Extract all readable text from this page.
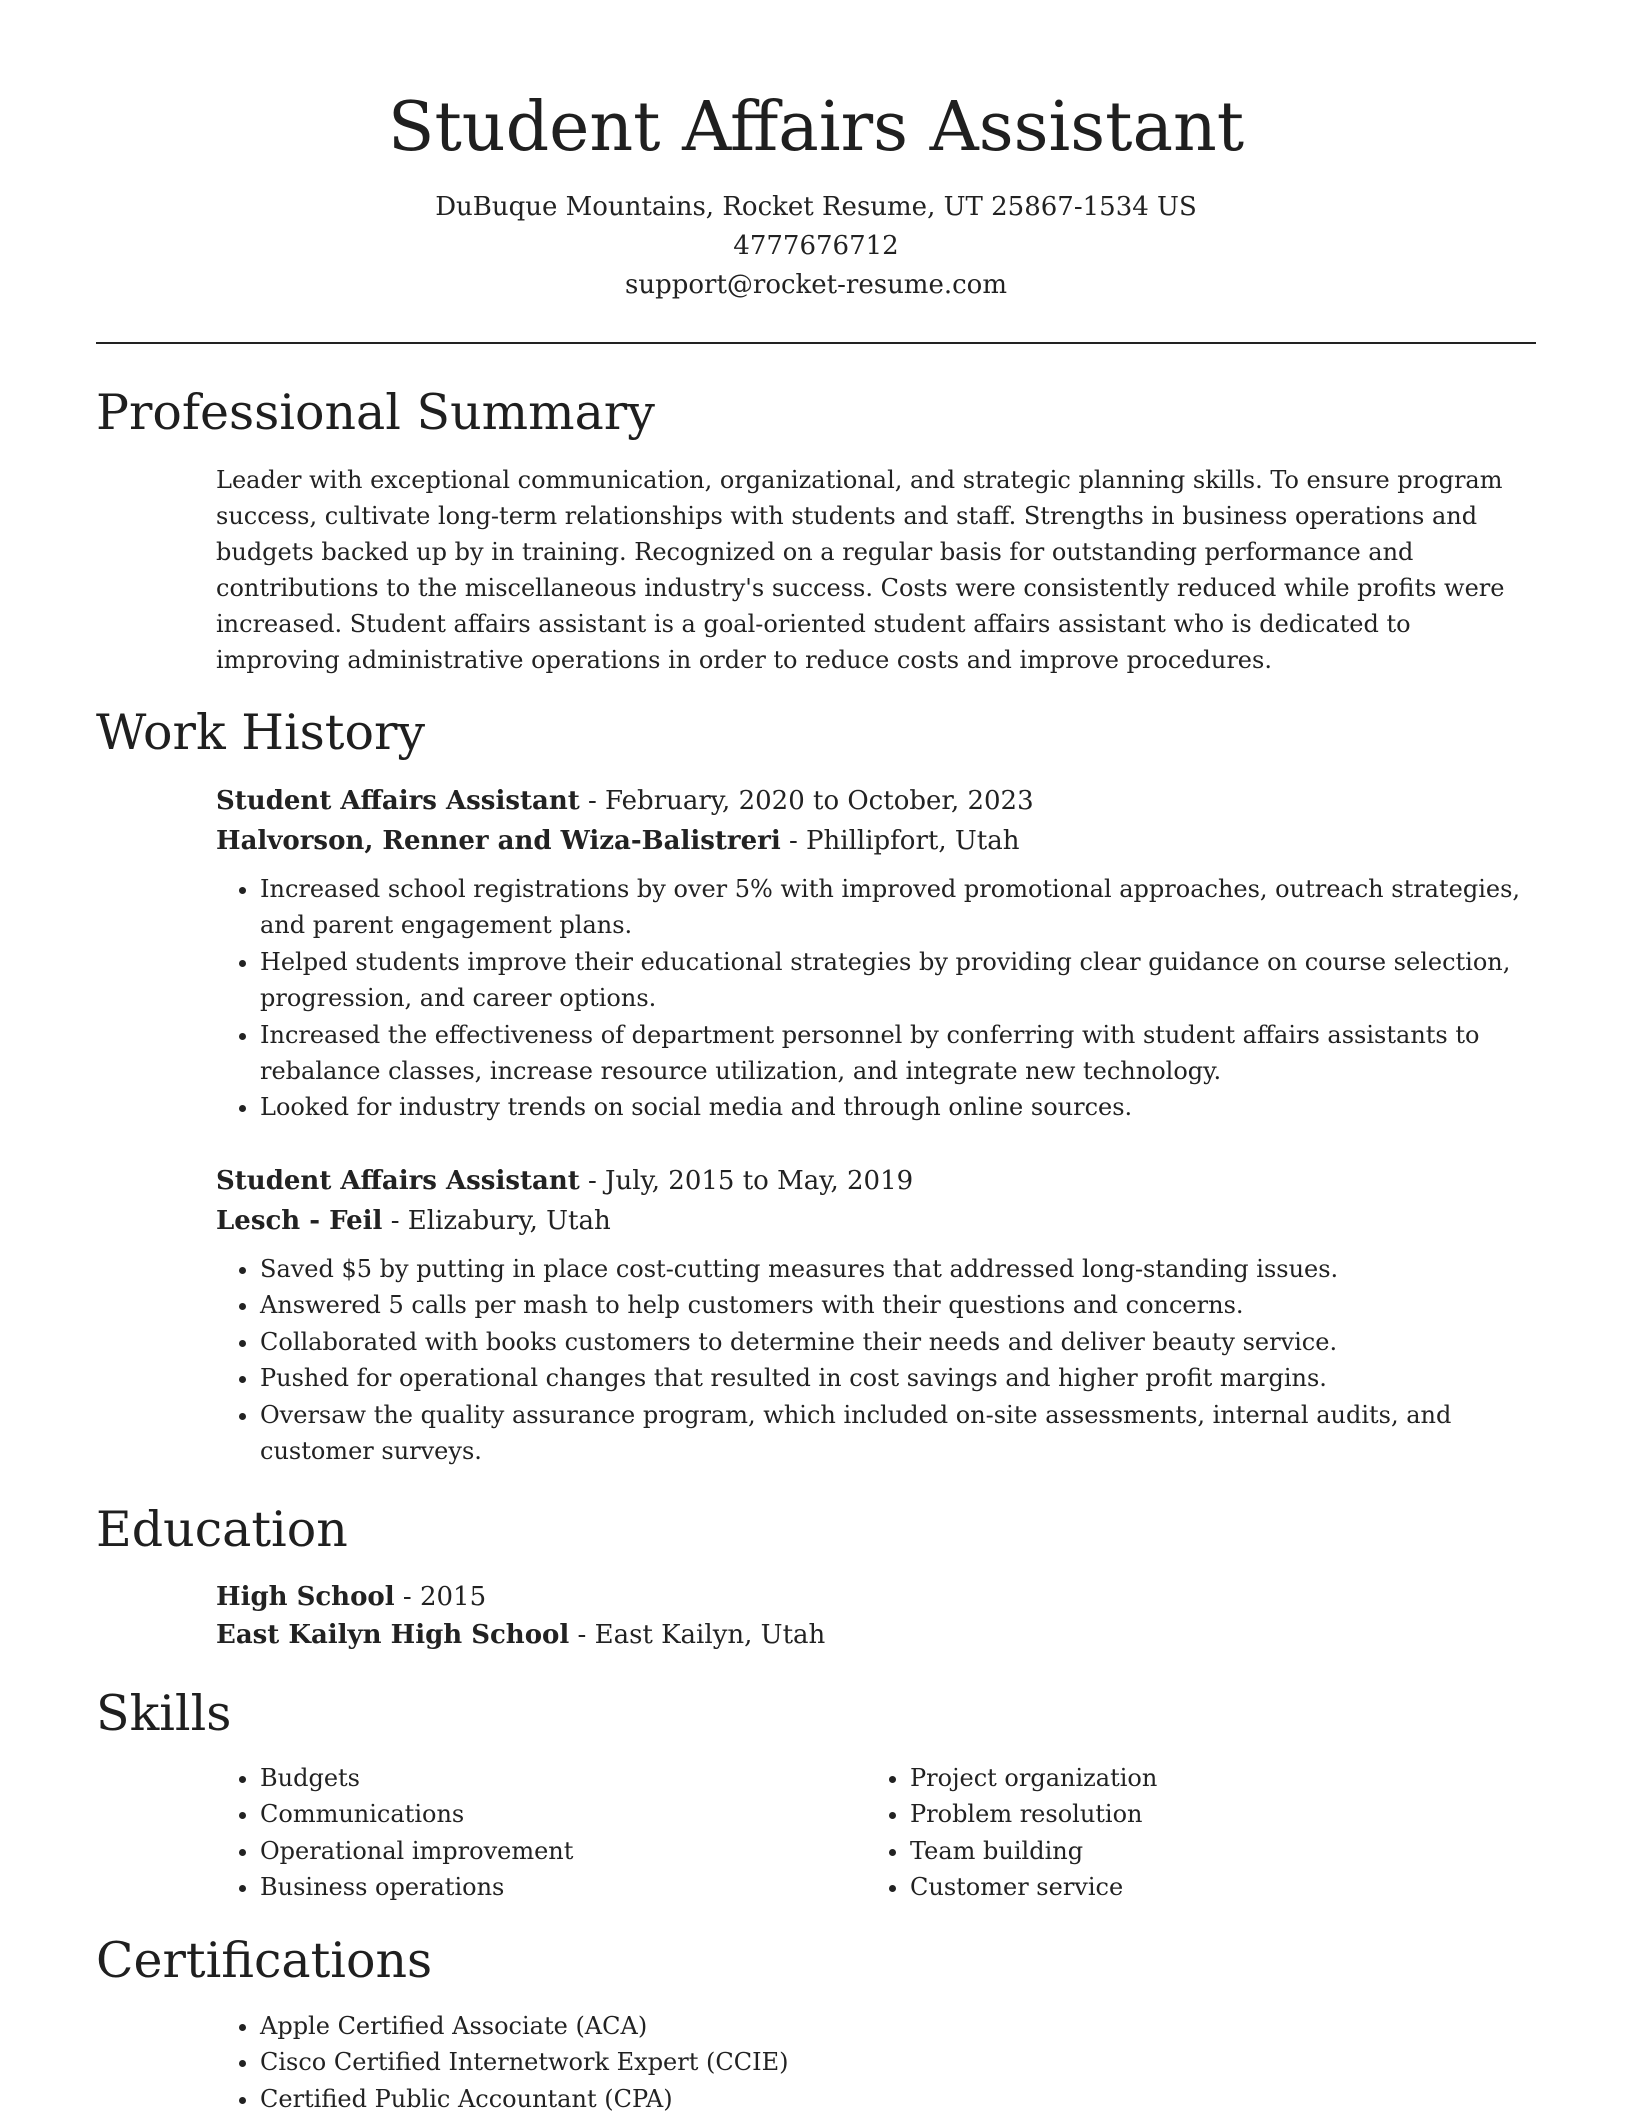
Student Affairs Assistant
DuBuque Mountains, Rocket Resume, UT 25867-1534 US
4777676712
support@rocket-resume.com
Professional Summary

Leader with exceptional communication, organizational, and strategic planning skills. To ensure program success, cultivate long-term relationships with students and staff. Strengths in business operations and budgets backed up by in training. Recognized on a regular basis for outstanding performance and contributions to the miscellaneous industry's success. Costs were consistently reduced while profits were increased. Student affairs assistant is a goal-oriented student affairs assistant who is dedicated to improving administrative operations in order to reduce costs and improve procedures.

Work History

Student Affairs Assistant - February, 2020 to October, 2023

Halvorson, Renner and Wiza-Balistreri - Phillipfort, Utah

• Increased school registrations by over 5% with improved promotional approaches, outreach strategies, and parent engagement plans.
• Helped students improve their educational strategies by providing clear guidance on course selection, progression, and career options.
• Increased the effectiveness of department personnel by conferring with student affairs assistants to rebalance classes, increase resource utilization, and integrate new technology.
• Looked for industry trends on social media and through online sources.

Student Affairs Assistant - July, 2015 to May, 2019

Lesch - Feil - Elizabury, Utah

• Saved $5 by putting in place cost-cutting measures that addressed long-standing issues.
• Answered 5 calls per mash to help customers with their questions and concerns.
• Collaborated with books customers to determine their needs and deliver beauty service.
• Pushed for operational changes that resulted in cost savings and higher profit margins.
• Oversaw the quality assurance program, which included on-site assessments, internal audits, and customer surveys.
Education

High School - 2015

East Kailyn High School - East Kailyn, Utah

Skills
• Budgets
• Communications
• Operational improvement
• Business operations
• Project organization
• Problem resolution
• Team building
• Customer service
Certifications
• Apple Certified Associate (ACA)
• Cisco Certified Internetwork Expert (CCIE)
• Certified Public Accountant (CPA)
